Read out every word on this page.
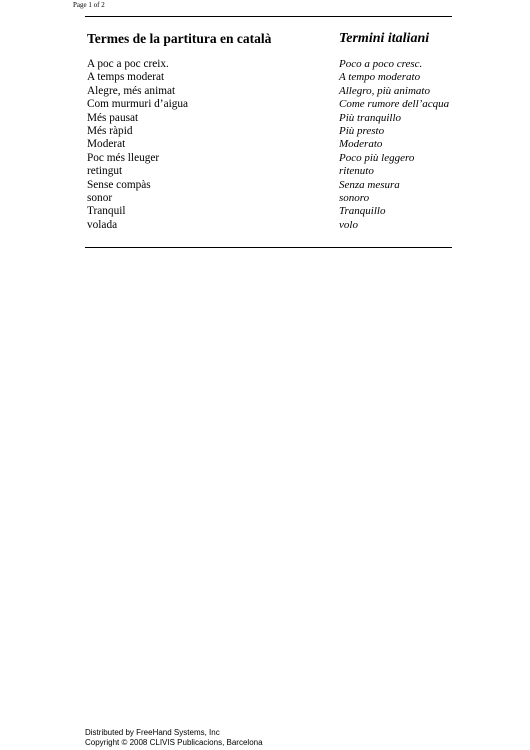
Page 1 of 2
Termes de la partitura en català
A poc a poc creix.
A temps moderat
Alegre, més animat
Com murmuri d’aigua
Més pausat
Més ràpid
Moderat
Poc més lleuger
retingut
Sense compàs
sonor
Tranquil
volada
Termini italiani
Poco a poco cresc.
A tempo moderato
Allegro, più animato
Come rumore dell’acqua
Più tranquillo
Più presto
Moderato
Poco più leggero
ritenuto
Senza mesura
sonoro
Tranquillo
volo
Distributed by FreeHand Systems, Inc
Copyright © 2008 CLIVIS Publicacions, Barcelona
